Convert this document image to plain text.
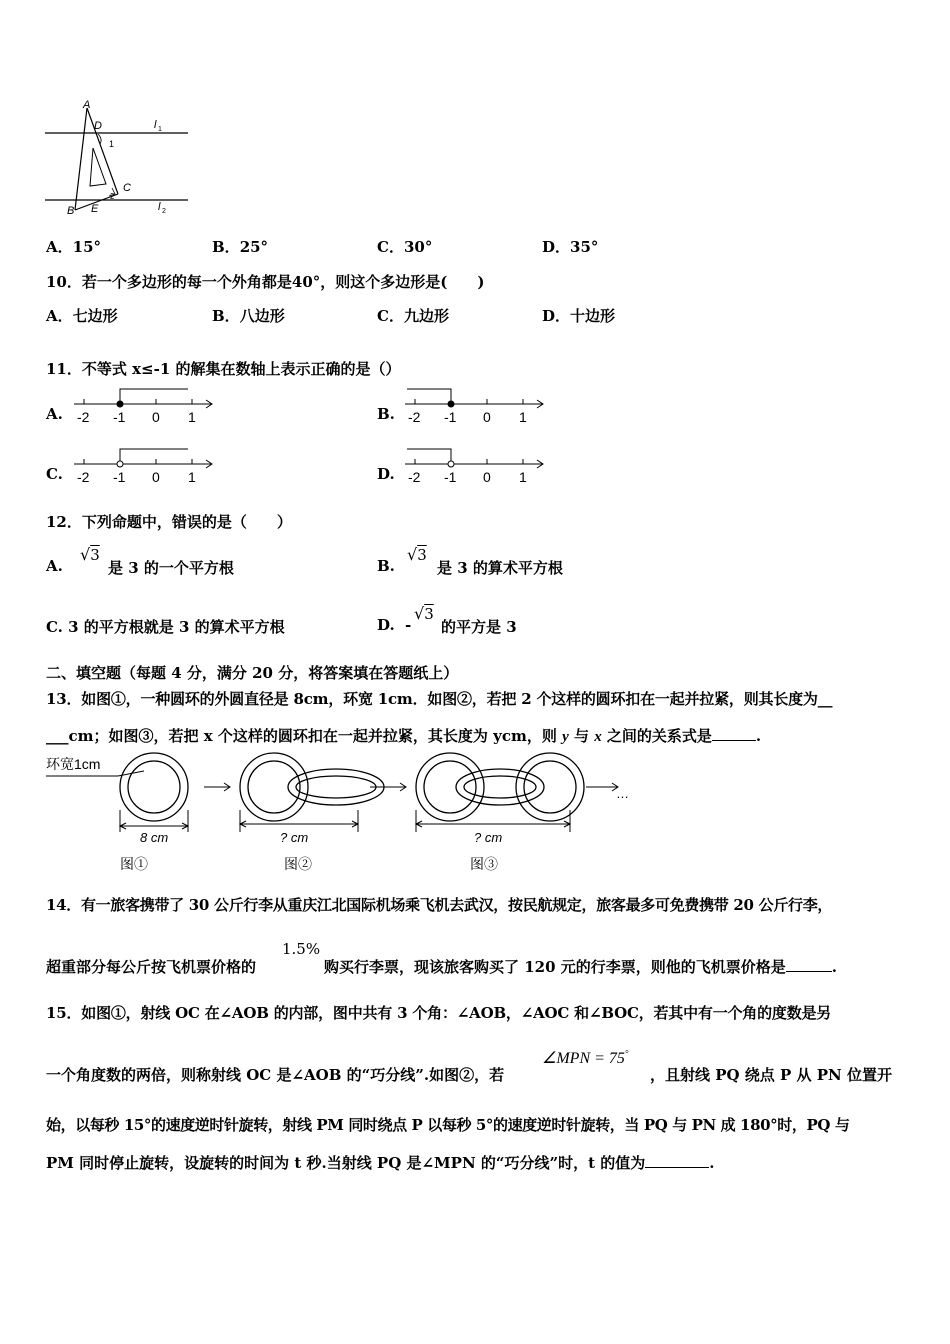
A
D	l 1
1
C
2
B E	l 2
A．15°	B．25°	C．30°	D．35°
10．若一个多边形的每一个外角都是40°，则这个多边形是(　　)
A．七边形	B．八边形	C．九边形	D．十边形
11．不等式 x≤-1 的解集在数轴上表示正确的是（）
A. -2 -1 0 1	B. -2 -1 0 1
C. -2 -1 0 1	D. -2 -1 0 1
12．下列命题中，错误的是（　　）
A.
√3
是 3 的一个平方根	B.
√3
是 3 的算术平方根
C. 3 的平方根就是 3 的算术平方根	D. -
√3
的平方是 3
二、填空题（每题 4 分，满分 20 分，将答案填在答题纸上）
13．如图①，一种圆环的外圆直径是 8cm，环宽 1cm．如图②，若把 2 个这样的圆环扣在一起并拉紧，则其长度为__
___cm；如图③，若把 x 个这样的圆环扣在一起并拉紧，其长度为 ycm，则 y 与 x 之间的关系式是	.
环宽1cm
8 cm
图①
? cm
图②
? cm
图③
…
14．有一旅客携带了 30 公斤行李从重庆江北国际机场乘飞机去武汉，按民航规定，旅客最多可免费携带 20 公斤行李，
超重部分每公斤按飞机票价格的
1.5%
购买行李票，现该旅客购买了 120 元的行李票，则他的飞机票价格是	.
15．如图①，射线 OC 在∠AOB 的内部，图中共有 3 个角：∠AOB，∠AOC 和∠BOC，若其中有一个角的度数是另
一个角度数的两倍，则称射线 OC 是∠AOB 的“巧分线”.如图②，若
∠MPN = 75°
，且射线 PQ 绕点 P 从 PN 位置开
始，以每秒 15°的速度逆时针旋转，射线 PM 同时绕点 P 以每秒 5°的速度逆时针旋转，当 PQ 与 PN 成 180°时，PQ 与
PM 同时停止旋转，设旋转的时间为 t 秒.当射线 PQ 是∠MPN 的“巧分线”时，t 的值为	.
